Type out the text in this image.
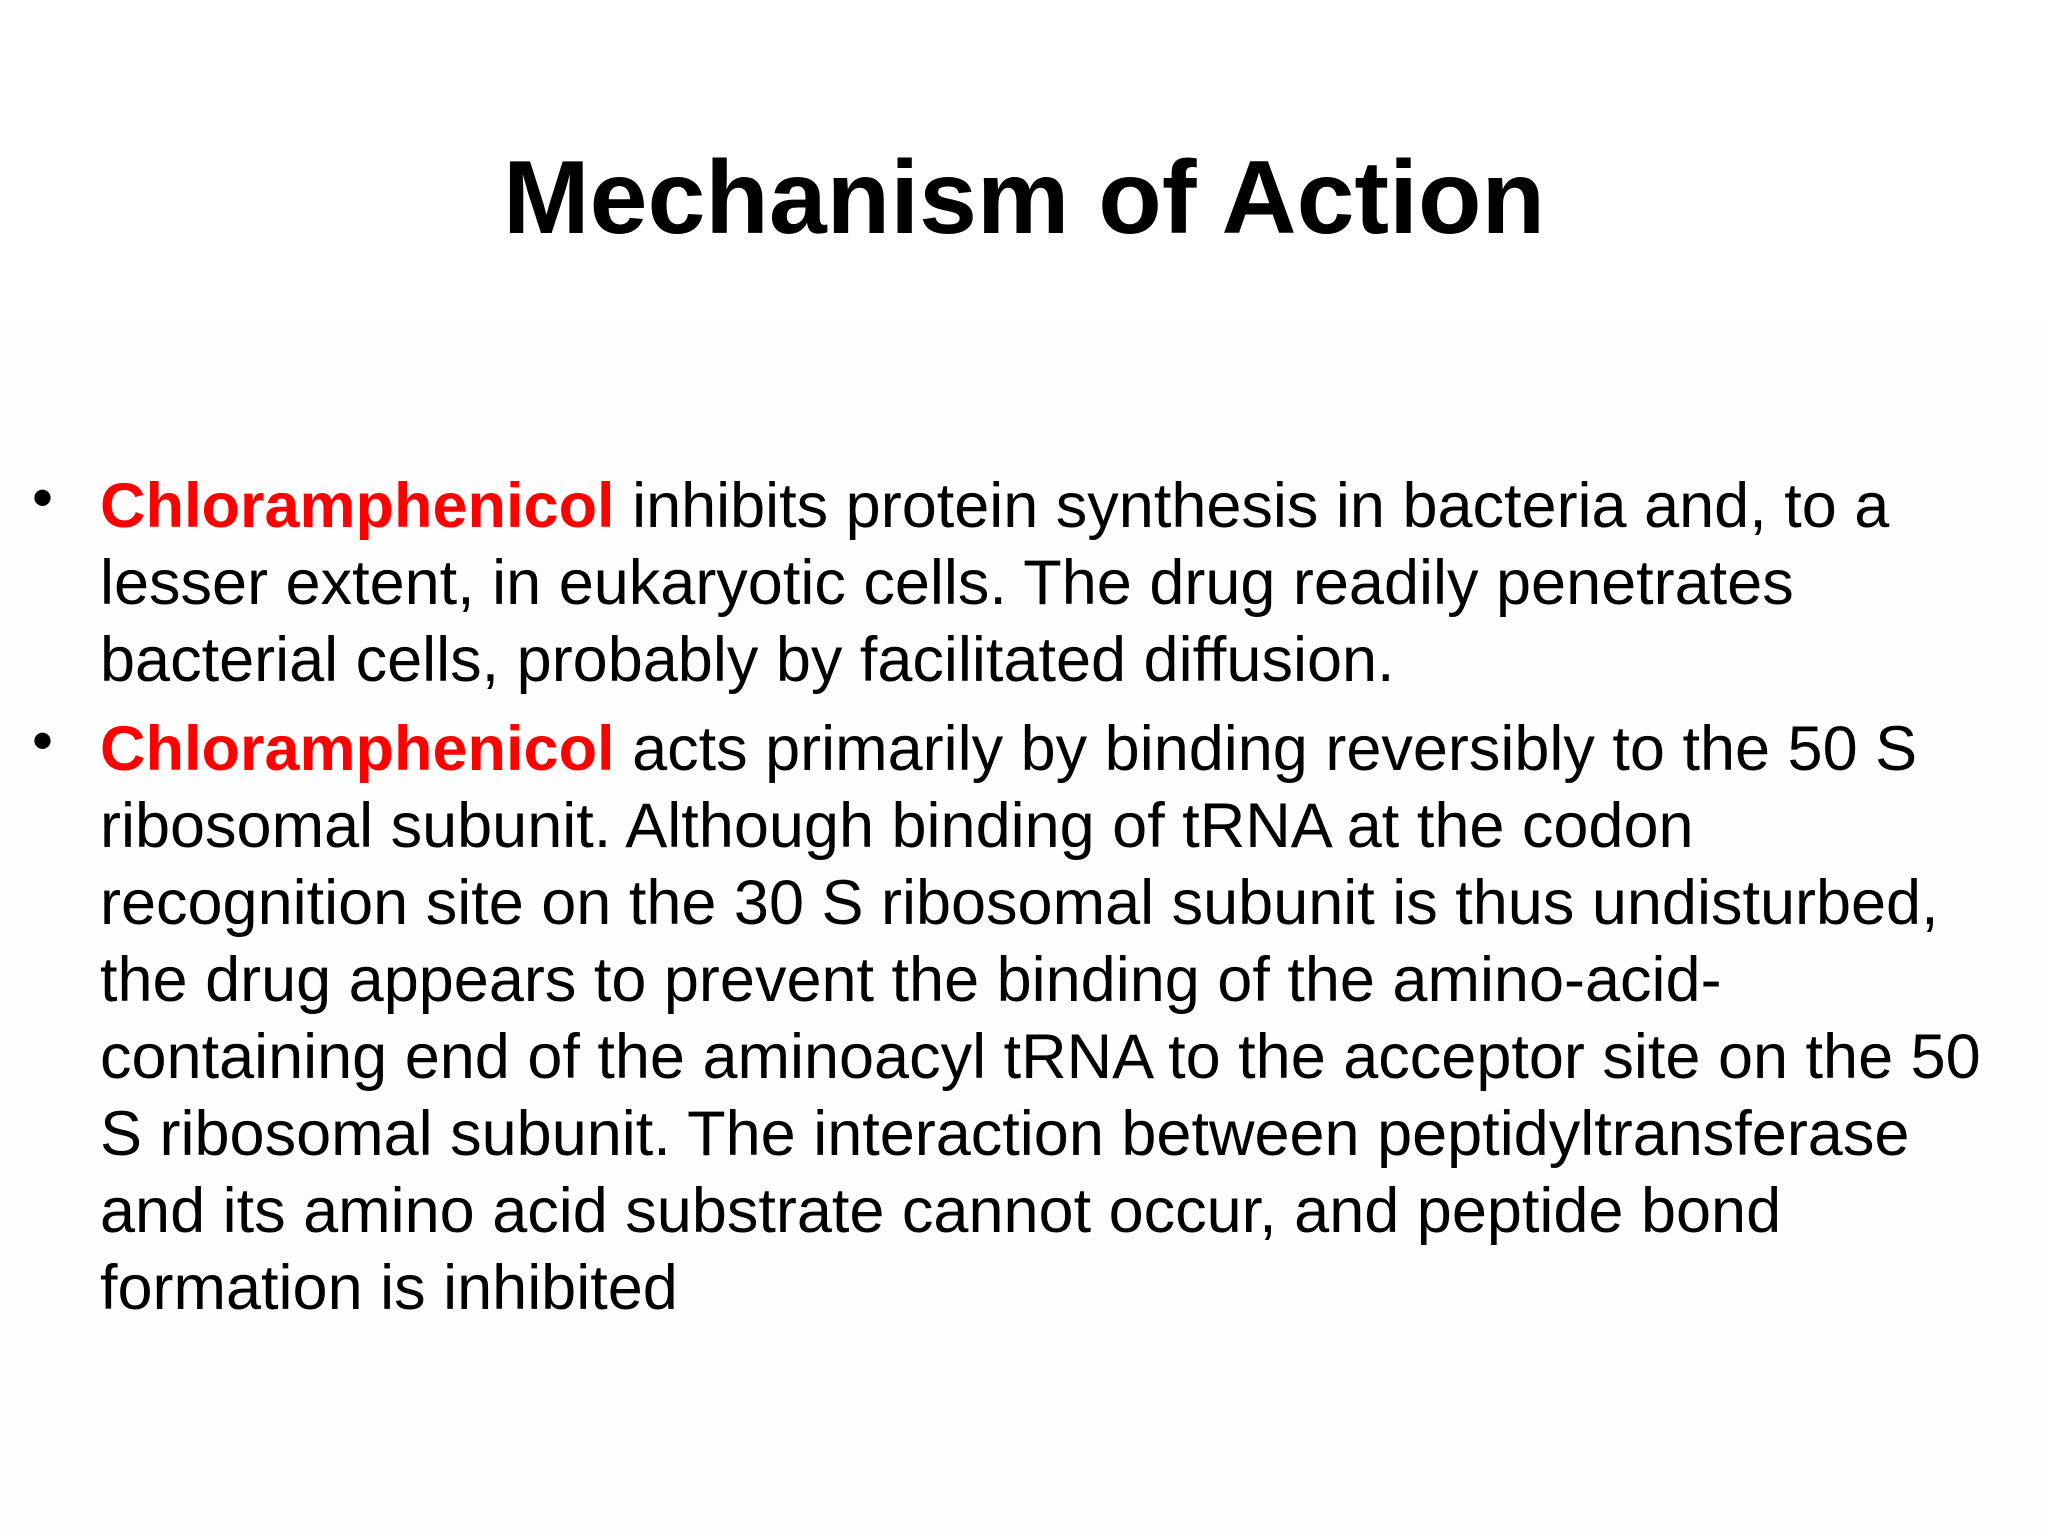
Mechanism of Action
• Chloramphenicol inhibits protein synthesis in bacteria and, to a lesser extent, in eukaryotic cells. The drug readily penetrates bacterial cells, probably by facilitated diffusion.
• Chloramphenicol acts primarily by binding reversibly to the 50 S ribosomal subunit. Although binding of tRNA at the codon recognition site on the 30 S ribosomal subunit is thus undisturbed, the drug appears to prevent the binding of the amino-acid-containing end of the aminoacyl tRNA to the acceptor site on the 50 S ribosomal subunit. The interaction between peptidyltransferase and its amino acid substrate cannot occur, and peptide bond formation is inhibited
